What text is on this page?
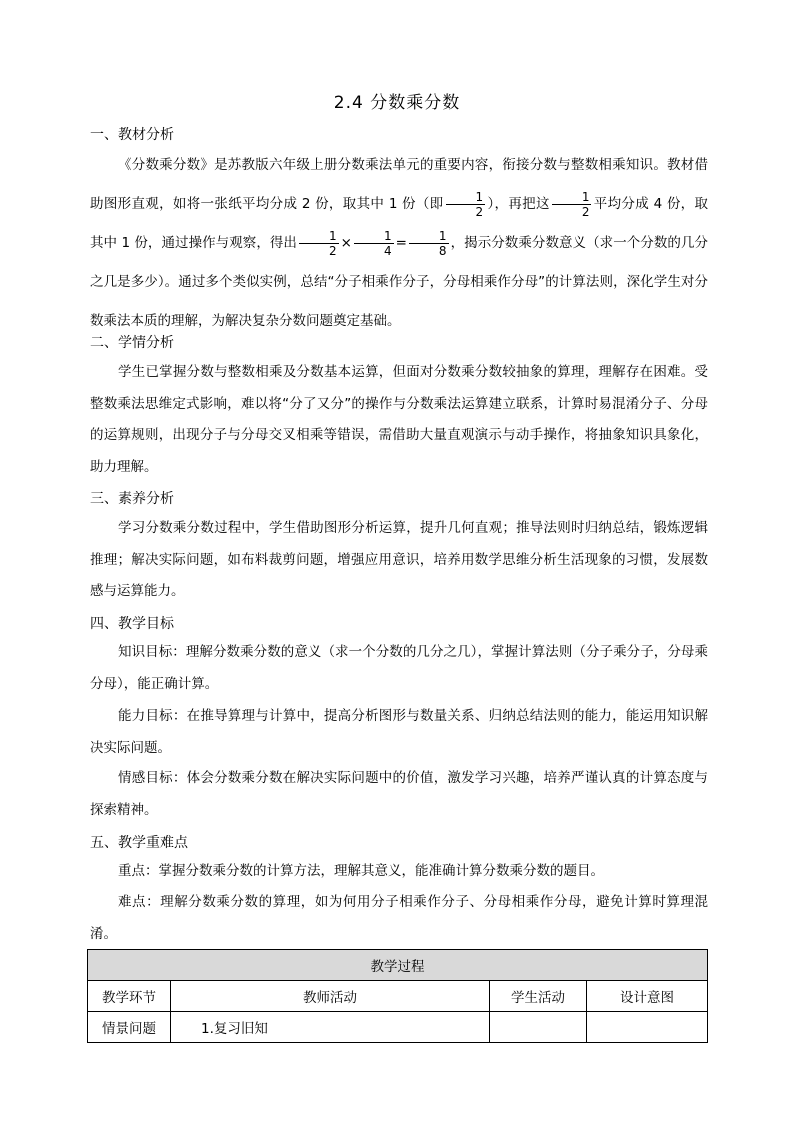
2.4 分数乘分数
一、教材分析
《分数乘分数》是苏教版六年级上册分数乘法单元的重要内容，衔接分数与整数相乘知识。教材借助图形直观，如将一张纸平均分成 2 份，取其中 1 份（即 $\frac{1}{2}$ ），再把这 $\frac{1}{2}$ 平均分成 4 份，取其中 1 份，通过操作与观察，得出 $\frac{1}{2} \times \frac{1}{4} = \frac{1}{8}$ ，揭示分数乘分数意义（求一个分数的几分之几是多少）。通过多个类似实例，总结“分子相乘作分子，分母相乘作分母”的计算法则，深化学生对分数乘法本质的理解，为解决复杂分数问题奠定基础。
二、学情分析
学生已掌握分数与整数相乘及分数基本运算，但面对分数乘分数较抽象的算理，理解存在困难。受整数乘法思维定式影响，难以将“分了又分”的操作与分数乘法运算建立联系，计算时易混淆分子、分母的运算规则，出现分子与分母交叉相乘等错误，需借助大量直观演示与动手操作，将抽象知识具象化，助力理解。
三、素养分析
学习分数乘分数过程中，学生借助图形分析运算，提升几何直观；推导法则时归纳总结，锻炼逻辑推理；解决实际问题，如布料裁剪问题，增强应用意识，培养用数学思维分析生活现象的习惯，发展数感与运算能力。
四、教学目标
知识目标：理解分数乘分数的意义（求一个分数的几分之几），掌握计算法则（分子乘分子，分母乘分母），能正确计算。
能力目标：在推导算理与计算中，提高分析图形与数量关系、归纳总结法则的能力，能运用知识解决实际问题。
情感目标：体会分数乘分数在解决实际问题中的价值，激发学习兴趣，培养严谨认真的计算态度与探索精神。
五、教学重难点
重点：掌握分数乘分数的计算方法，理解其意义，能准确计算分数乘分数的题目。
难点：理解分数乘分数的算理，如为何用分子相乘作分子、分母相乘作分母，避免计算时算理混淆。
教学过程			
教学环节	教师活动	学生活动	设计意图
情景问题	1.复习旧知		
